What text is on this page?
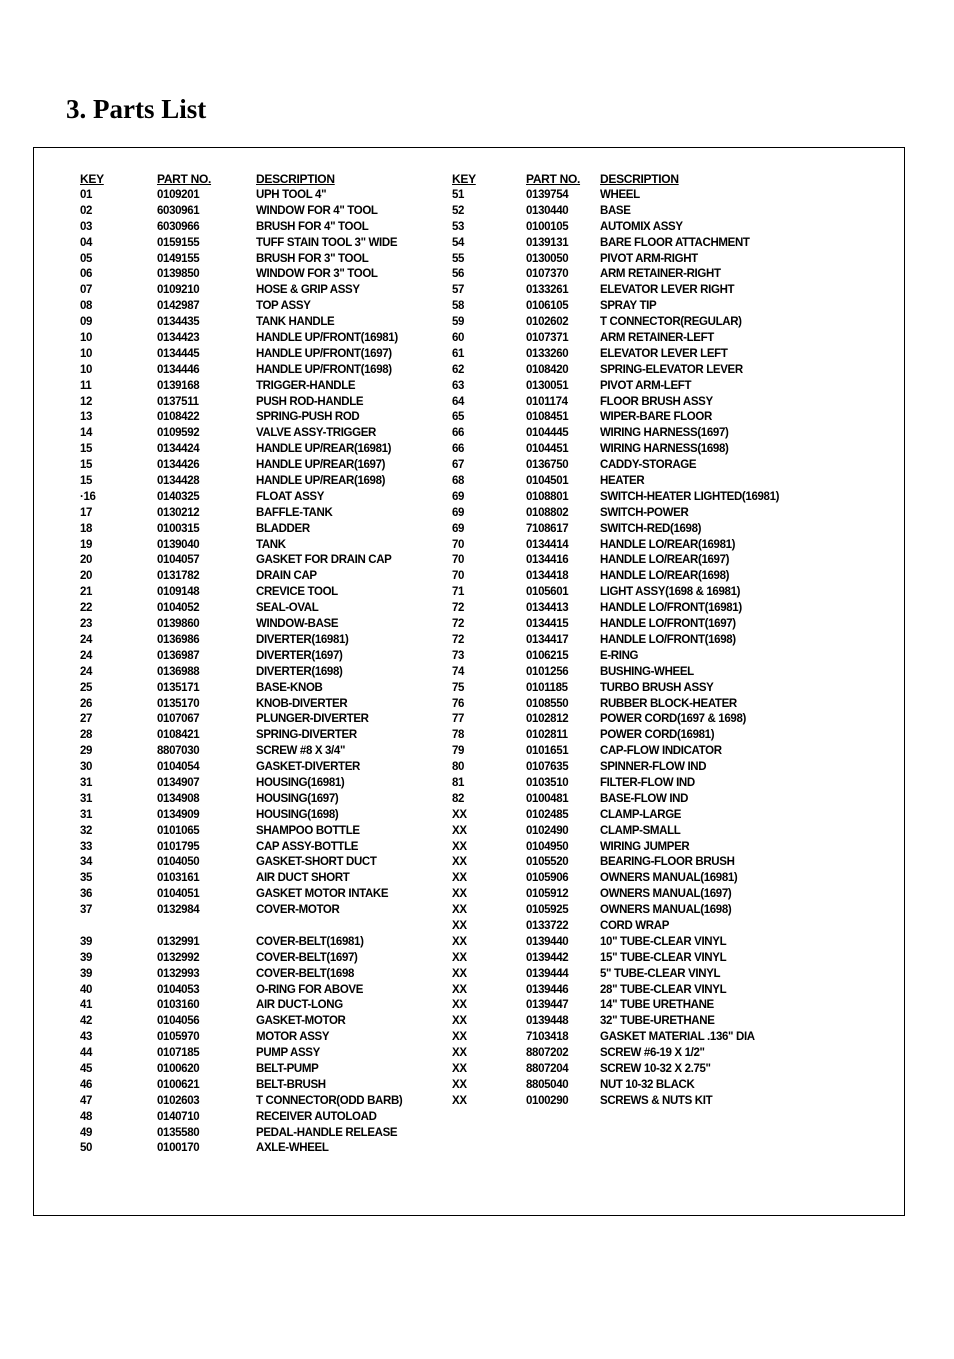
3. Parts List
KEY	PART NO.	DESCRIPTION
01	0109201	UPH TOOL 4"
02	6030961	WINDOW FOR 4" TOOL
03	6030966	BRUSH FOR 4" TOOL
04	0159155	TUFF STAIN TOOL 3" WIDE
05	0149155	BRUSH FOR 3" TOOL
06	0139850	WINDOW FOR 3" TOOL
07	0109210	HOSE & GRIP ASSY
08	0142987	TOP ASSY
09	0134435	TANK HANDLE
10	0134423	HANDLE UP/FRONT(16981)
10	0134445	HANDLE UP/FRONT(1697)
10	0134446	HANDLE UP/FRONT(1698)
11	0139168	TRIGGER-HANDLE
12	0137511	PUSH ROD-HANDLE
13	0108422	SPRING-PUSH ROD
14	0109592	VALVE ASSY-TRIGGER
15	0134424	HANDLE UP/REAR(16981)
15	0134426	HANDLE UP/REAR(1697)
15	0134428	HANDLE UP/REAR(1698)
·16	0140325	FLOAT ASSY
17	0130212	BAFFLE-TANK
18	0100315	BLADDER
19	0139040	TANK
20	0104057	GASKET FOR DRAIN CAP
20	0131782	DRAIN CAP
21	0109148	CREVICE TOOL
22	0104052	SEAL-OVAL
23	0139860	WINDOW-BASE
24	0136986	DIVERTER(16981)
24	0136987	DIVERTER(1697)
24	0136988	DIVERTER(1698)
25	0135171	BASE-KNOB
26	0135170	KNOB-DIVERTER
27	0107067	PLUNGER-DIVERTER
28	0108421	SPRING-DIVERTER
29	8807030	SCREW #8 X 3/4"
30	0104054	GASKET-DIVERTER
31	0134907	HOUSING(16981)
31	0134908	HOUSING(1697)
31	0134909	HOUSING(1698)
32	0101065	SHAMPOO BOTTLE
33	0101795	CAP ASSY-BOTTLE
34	0104050	GASKET-SHORT DUCT
35	0103161	AIR DUCT SHORT
36	0104051	GASKET MOTOR INTAKE
37	0132984	COVER-MOTOR
39	0132991	COVER-BELT(16981)
39	0132992	COVER-BELT(1697)
39	0132993	COVER-BELT(1698
40	0104053	O-RING FOR ABOVE
41	0103160	AIR DUCT-LONG
42	0104056	GASKET-MOTOR
43	0105970	MOTOR ASSY
44	0107185	PUMP ASSY
45	0100620	BELT-PUMP
46	0100621	BELT-BRUSH
47	0102603	T CONNECTOR(ODD BARB)
48	0140710	RECEIVER AUTOLOAD
49	0135580	PEDAL-HANDLE RELEASE
50	0100170	AXLE-WHEEL
KEY	PART NO. DESCRIPTION
51	0139754	WHEEL
52	0130440	BASE
53	0100105	AUTOMIX ASSY
54	0139131	BARE FLOOR ATTACHMENT
55	0130050	PIVOT ARM-RIGHT
56	0107370	ARM RETAINER-RIGHT
57	0133261	ELEVATOR LEVER RIGHT
58	0106105	SPRAY TIP
59	0102602	T CONNECTOR(REGULAR)
60	0107371	ARM RETAINER-LEFT
61	0133260	ELEVATOR LEVER LEFT
62	0108420	SPRING-ELEVATOR LEVER
63	0130051	PIVOT ARM-LEFT
64	0101174	FLOOR BRUSH ASSY
65	0108451	WIPER-BARE FLOOR
66	0104445	WIRING HARNESS(1697)
66	0104451	WIRING HARNESS(1698)
67	0136750	CADDY-STORAGE
68	0104501	HEATER
69	0108801	SWITCH-HEATER LIGHTED(16981)
69	0108802	SWITCH-POWER
69	7108617	SWITCH-RED(1698)
70	0134414	HANDLE LO/REAR(16981)
70	0134416	HANDLE LO/REAR(1697)
70	0134418	HANDLE LO/REAR(1698)
71	0105601	LIGHT ASSY(1698 & 16981)
72	0134413	HANDLE LO/FRONT(16981)
72	0134415	HANDLE LO/FRONT(1697)
72	0134417	HANDLE LO/FRONT(1698)
73	0106215	E-RING
74	0101256	BUSHING-WHEEL
75	0101185	TURBO BRUSH ASSY
76	0108550	RUBBER BLOCK-HEATER
77	0102812	POWER CORD(1697 & 1698)
78	0102811	POWER CORD(16981)
79	0101651	CAP-FLOW INDICATOR
80	0107635	SPINNER-FLOW IND
81	0103510	FILTER-FLOW IND
82	0100481	BASE-FLOW IND
XX	0102485	CLAMP-LARGE
XX	0102490	CLAMP-SMALL
XX	0104950	WIRING JUMPER
XX	0105520	BEARING-FLOOR BRUSH
XX	0105906	OWNERS MANUAL(16981)
XX	0105912	OWNERS MANUAL(1697)
XX	0105925	OWNERS MANUAL(1698)
XX	0133722	CORD WRAP
XX	0139440	10" TUBE-CLEAR VINYL
XX	0139442	15" TUBE-CLEAR VINYL
XX	0139444	5" TUBE-CLEAR VINYL
XX	0139446	28" TUBE-CLEAR VINYL
XX	0139447	14" TUBE URETHANE
XX	0139448	32" TUBE-URETHANE
XX	7103418	GASKET MATERIAL .136" DIA
XX	8807202	SCREW #6-19 X 1/2"
XX	8807204	SCREW 10-32 X 2.75"
XX	8805040	NUT 10-32 BLACK
XX	0100290	SCREWS & NUTS KIT
